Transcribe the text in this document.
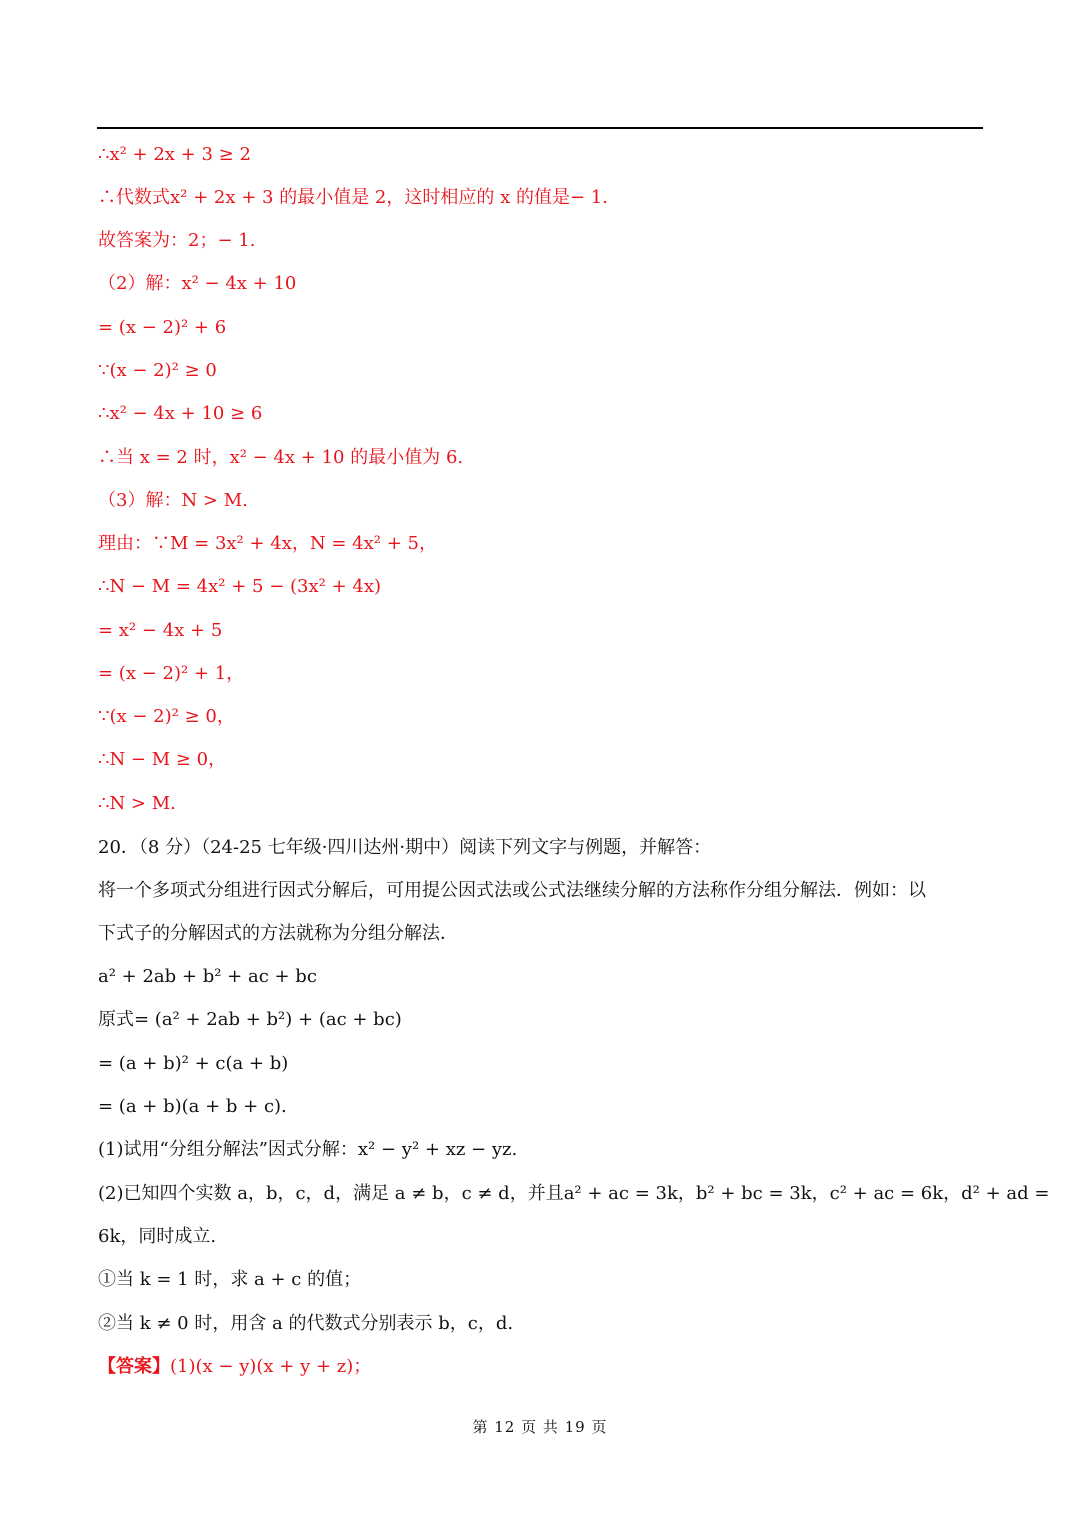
∴x² + 2x + 3 ≥ 2
∴代数式x² + 2x + 3 的最小值是 2，这时相应的 x 的值是− 1.
故答案为：2；− 1.
（2）解：x² − 4x + 10
= (x − 2)² + 6
∵(x − 2)² ≥ 0
∴x² − 4x + 10 ≥ 6
∴当 x = 2 时，x² − 4x + 10 的最小值为 6.
（3）解：N > M.
理由：∵M = 3x² + 4x，N = 4x² + 5，
∴N − M = 4x² + 5 − (3x² + 4x)
= x² − 4x + 5
= (x − 2)² + 1，
∵(x − 2)² ≥ 0，
∴N − M ≥ 0，
∴N > M.
20．（8 分）（24-25 七年级·四川达州·期中）阅读下列文字与例题，并解答：
将一个多项式分组进行因式分解后，可用提公因式法或公式法继续分解的方法称作分组分解法．例如：以
下式子的分解因式的方法就称为分组分解法．
a² + 2ab + b² + ac + bc
原式= (a² + 2ab + b²) + (ac + bc)
= (a + b)² + c(a + b)
= (a + b)(a + b + c).
(1)试用“分组分解法”因式分解：x² − y² + xz − yz.
(2)已知四个实数 a，b，c，d，满足 a ≠ b，c ≠ d，并且a² + ac = 3k，b² + bc = 3k，c² + ac = 6k，d² + ad =
6k，同时成立.
①当 k = 1 时，求 a + c 的值；
②当 k ≠ 0 时，用含 a 的代数式分别表示 b，c，d.
【答案】(1)(x − y)(x + y + z)；
第 12 页 共 19 页
